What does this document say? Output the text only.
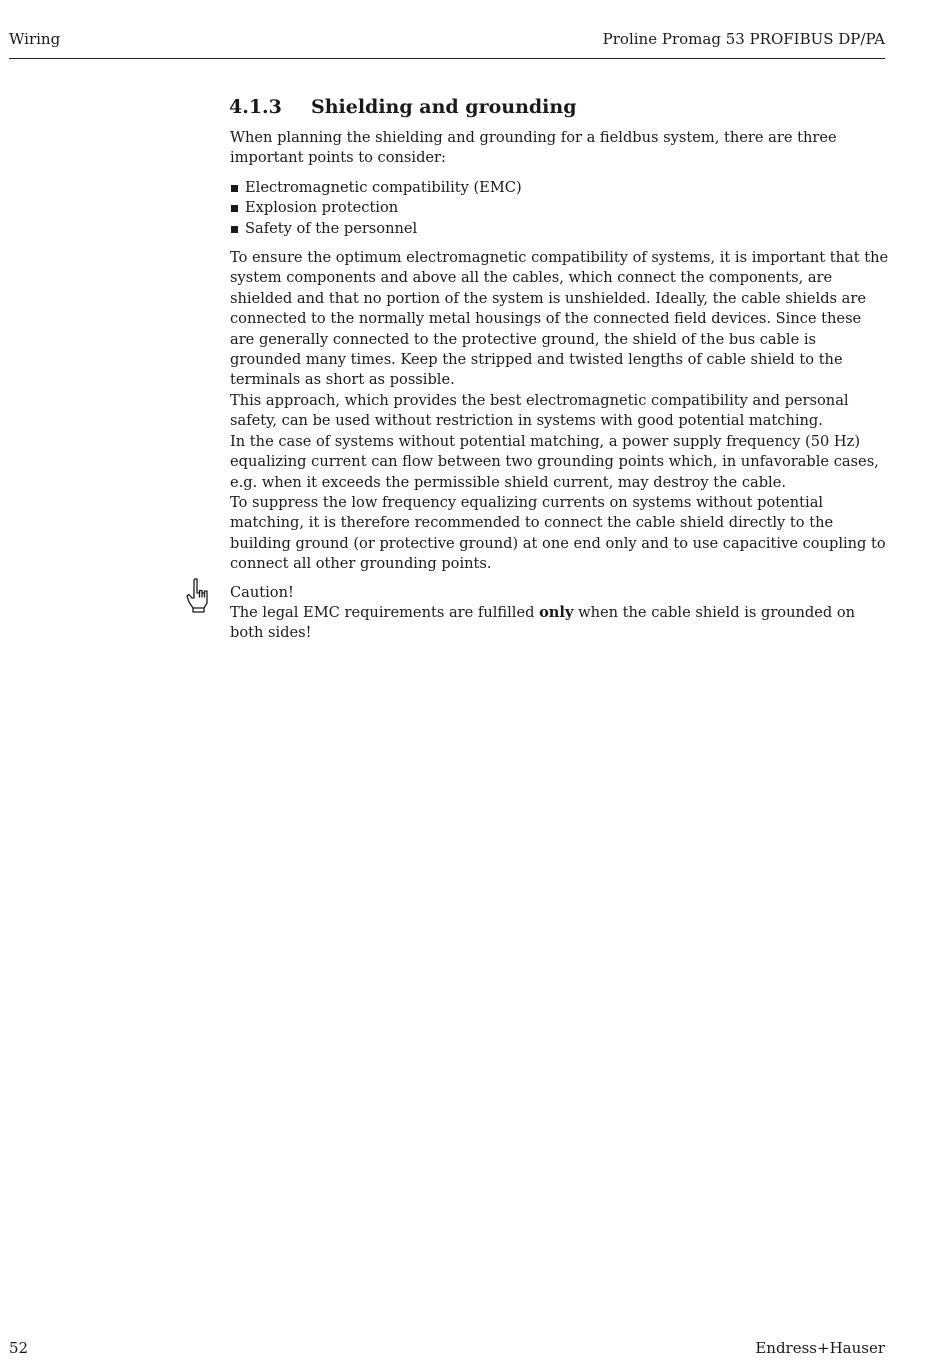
Wiring	Proline Promag 53 PROFIBUS DP/PA
4.1.3 Shielding and grounding

When planning the shielding and grounding for a fieldbus system, there are three important points to consider:

Electromagnetic compatibility (EMC)
Explosion protection
Safety of the personnel

To ensure the optimum electromagnetic compatibility of systems, it is important that the system components and above all the cables, which connect the components, are shielded and that no portion of the system is unshielded. Ideally, the cable shields are connected to the normally metal housings of the connected field devices. Since these are generally connected to the protective ground, the shield of the bus cable is grounded many times. Keep the stripped and twisted lengths of cable shield to the terminals as short as possible.

This approach, which provides the best electromagnetic compatibility and personal safety, can be used without restriction in systems with good potential matching.

In the case of systems without potential matching, a power supply frequency (50 Hz) equalizing current can flow between two grounding points which, in unfavorable cases, e.g. when it exceeds the permissible shield current, may destroy the cable.

To suppress the low frequency equalizing currents on systems without potential matching, it is therefore recommended to connect the cable shield directly to the building ground (or protective ground) at one end only and to use capacitive coupling to connect all other grounding points.

Caution!
The legal EMC requirements are fulfilled only when the cable shield is grounded on both sides!
52	Endress+Hauser
